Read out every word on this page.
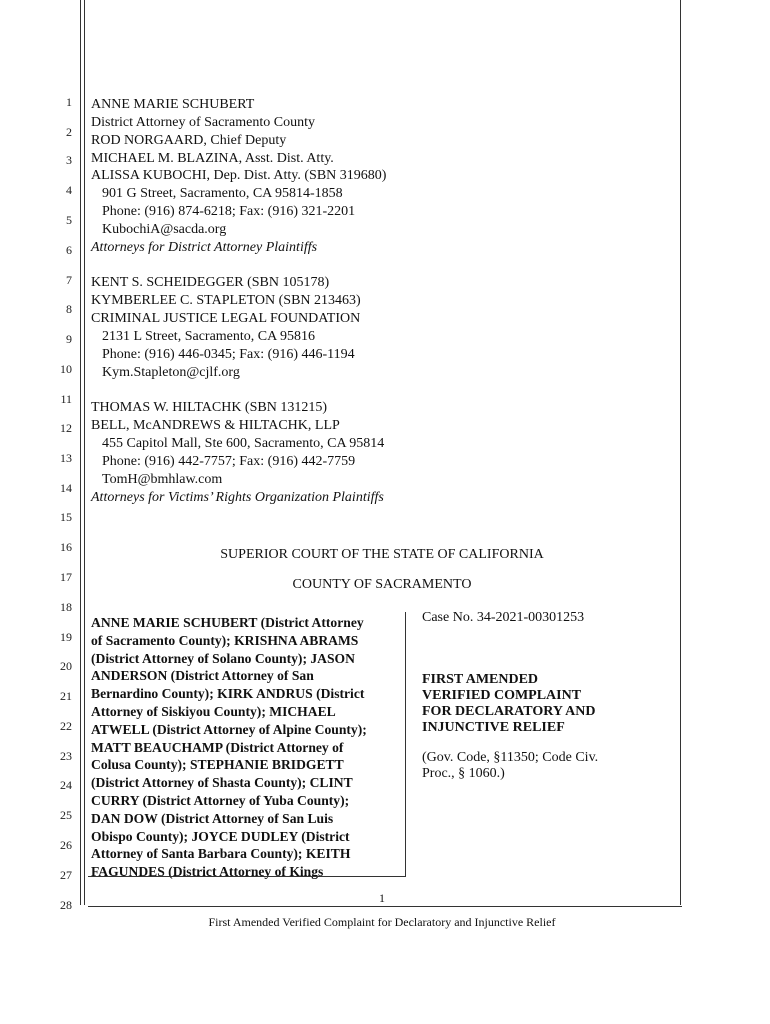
1
2
3
4
5
6
7
8
9
10
11
12
13
14
15
16
17
18
19
20
21
22
23
24
25
26
27
28
ANNE MARIE SCHUBERT
District Attorney of Sacramento County
ROD NORGAARD, Chief Deputy
MICHAEL M. BLAZINA, Asst. Dist. Atty.
ALISSA KUBOCHI, Dep. Dist. Atty. (SBN 319680)
901 G Street, Sacramento, CA 95814-1858
Phone: (916) 874-6218; Fax: (916) 321-2201
KubochiA@sacda.org
Attorneys for District Attorney Plaintiffs
KENT S. SCHEIDEGGER (SBN 105178)
KYMBERLEE C. STAPLETON (SBN 213463)
CRIMINAL JUSTICE LEGAL FOUNDATION
2131 L Street, Sacramento, CA 95816
Phone: (916) 446-0345; Fax: (916) 446-1194
Kym.Stapleton@cjlf.org
THOMAS W. HILTACHK (SBN 131215)
BELL, McANDREWS & HILTACHK, LLP
455 Capitol Mall, Ste 600, Sacramento, CA 95814
Phone: (916) 442-7757; Fax: (916) 442-7759
TomH@bmhlaw.com
Attorneys for Victims’ Rights Organization Plaintiffs
SUPERIOR COURT OF THE STATE OF CALIFORNIA
COUNTY OF SACRAMENTO
ANNE MARIE SCHUBERT (District Attorney
of Sacramento County); KRISHNA ABRAMS
(District Attorney of Solano County); JASON
ANDERSON (District Attorney of San
Bernardino County); KIRK ANDRUS (District
Attorney of Siskiyou County); MICHAEL
ATWELL (District Attorney of Alpine County);
MATT BEAUCHAMP (District Attorney of
Colusa County); STEPHANIE BRIDGETT
(District Attorney of Shasta County); CLINT
CURRY (District Attorney of Yuba County);
DAN DOW (District Attorney of San Luis
Obispo County); JOYCE DUDLEY (District
Attorney of Santa Barbara County); KEITH
FAGUNDES (District Attorney of Kings
Case No. 34-2021-00301253
FIRST AMENDED
VERIFIED COMPLAINT
FOR DECLARATORY AND
INJUNCTIVE RELIEF
(Gov. Code, §11350; Code Civ.
Proc., § 1060.)
1
First Amended Verified Complaint for Declaratory and Injunctive Relief
